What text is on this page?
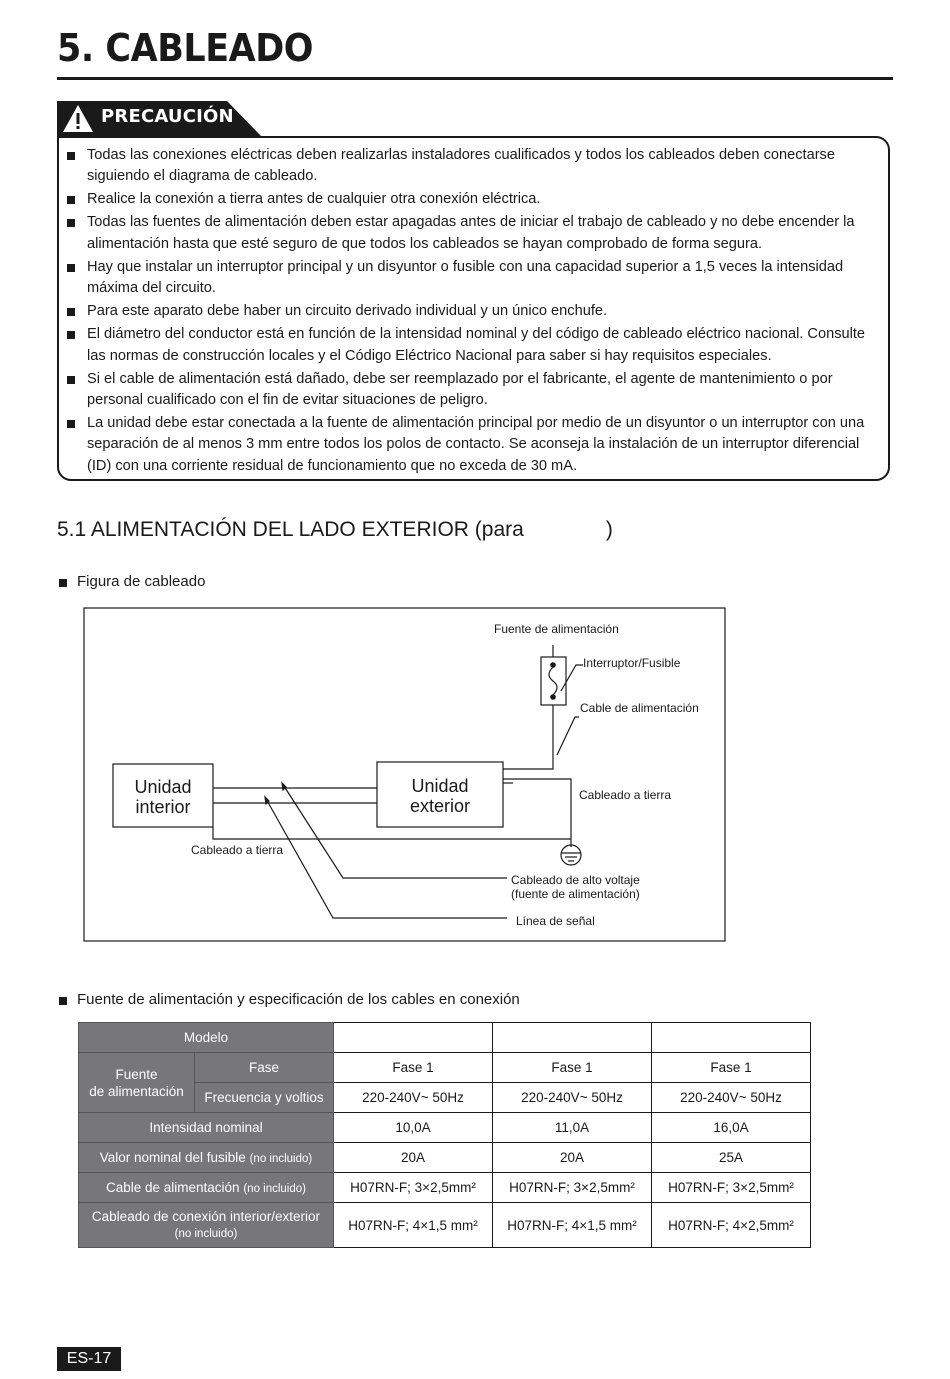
5. CABLEADO
PRECAUCIÓN
Todas las conexiones eléctricas deben realizarlas instaladores cualificados y todos los cableados deben conectarse siguiendo el diagrama de cableado.
Realice la conexión a tierra antes de cualquier otra conexión eléctrica.
Todas las fuentes de alimentación deben estar apagadas antes de iniciar el trabajo de cableado y no debe encender la alimentación hasta que esté seguro de que todos los cableados se hayan comprobado de forma segura.
Hay que instalar un interruptor principal y un disyuntor o fusible con una capacidad superior a 1,5 veces la intensidad máxima del circuito.
Para este aparato debe haber un circuito derivado individual y un único enchufe.
El diámetro del conductor está en función de la intensidad nominal y del código de cableado eléctrico nacional. Consulte las normas de construcción locales y el Código Eléctrico Nacional para saber si hay requisitos especiales.
Si el cable de alimentación está dañado, debe ser reemplazado por el fabricante, el agente de mantenimiento o por personal cualificado con el fin de evitar situaciones de peligro.
La unidad debe estar conectada a la fuente de alimentación principal por medio de un disyuntor o un interruptor con una separación de al menos 3 mm entre todos los polos de contacto. Se aconseja la instalación de un interruptor diferencial (ID) con una corriente residual de funcionamiento que no exceda de 30 mA.
5.1 ALIMENTACIÓN DEL LADO EXTERIOR (para	)
Figura de cableado
Unidad
interior
Unidad
exterior
Fuente de alimentación
Interruptor/Fusible
Cable de alimentación
Cableado a tierra
Cableado a tierra
Cableado de alto voltaje
(fuente de alimentación)
Línea de señal
Fuente de alimentación y especificación de los cables en conexión
Modelo				
Fuente
de alimentación	Fase	Fase 1	Fase 1	Fase 1
	Frecuencia y voltios	220-240V~ 50Hz	220-240V~ 50Hz	220-240V~ 50Hz
Intensidad nominal		10,0A	11,0A	16,0A
Valor nominal del fusible (no incluido)		20A	20A	25A
Cable de alimentación (no incluido)		H07RN-F; 3×2,5mm²	H07RN-F; 3×2,5mm²	H07RN-F; 3×2,5mm²
Cableado de conexión interior/exterior
(no incluido)		H07RN-F; 4×1,5 mm²	H07RN-F; 4×1,5 mm²	H07RN-F; 4×2,5mm²
ES-17
